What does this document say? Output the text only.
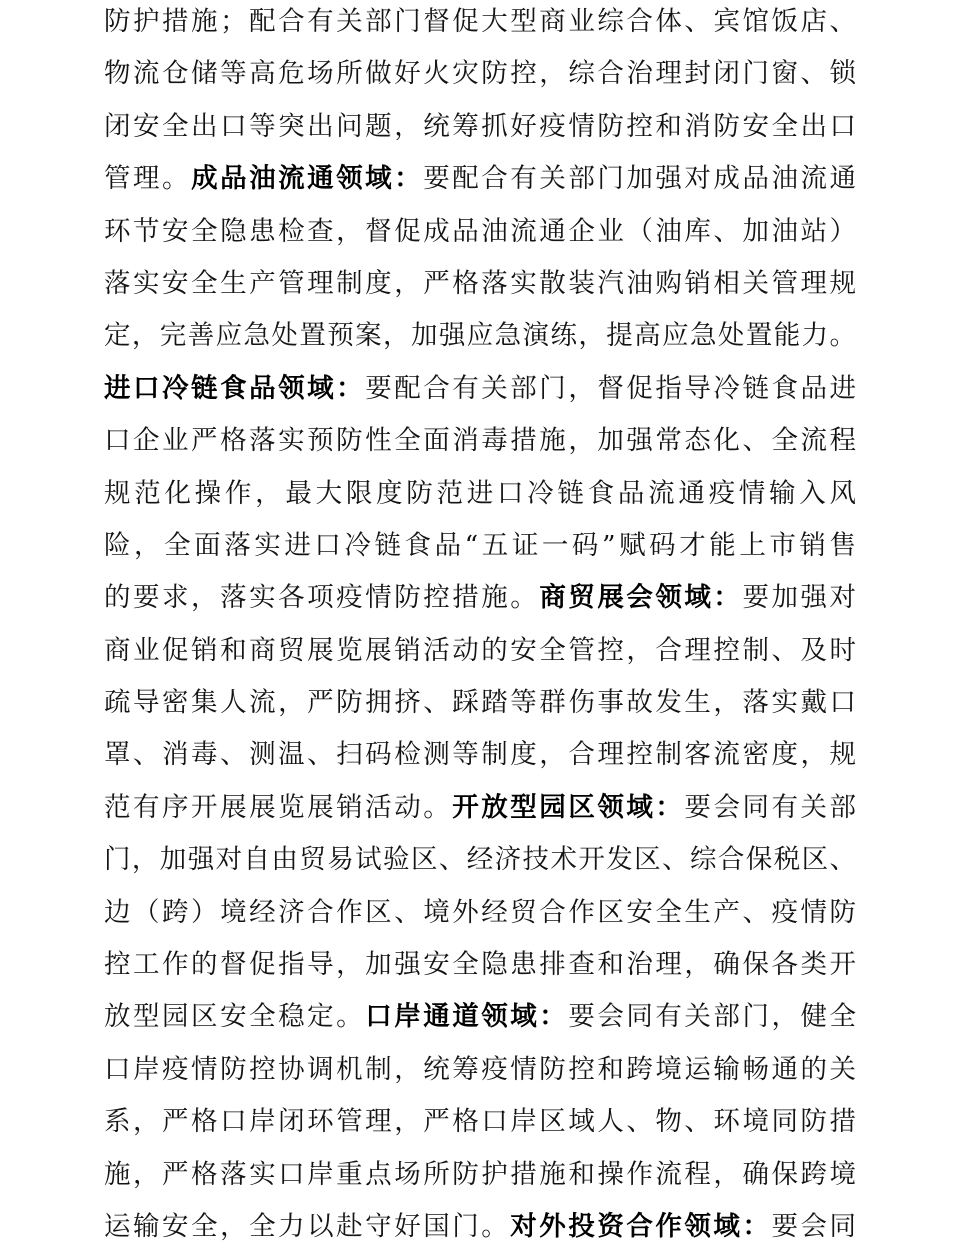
防护措施；配合有关部门督促大型商业综合体、宾馆饭店、
物流仓储等高危场所做好火灾防控，综合治理封闭门窗、锁
闭安全出口等突出问题，统筹抓好疫情防控和消防安全出口
管理。成品油流通领域：要配合有关部门加强对成品油流通
环节安全隐患检查，督促成品油流通企业（油库、加油站）
落实安全生产管理制度，严格落实散装汽油购销相关管理规
定，完善应急处置预案，加强应急演练，提高应急处置能力。
进口冷链食品领域：要配合有关部门，督促指导冷链食品进
口企业严格落实预防性全面消毒措施，加强常态化、全流程
规范化操作，最大限度防范进口冷链食品流通疫情输入风
险，全面落实进口冷链食品“五证一码”赋码才能上市销售
的要求，落实各项疫情防控措施。商贸展会领域：要加强对
商业促销和商贸展览展销活动的安全管控，合理控制、及时
疏导密集人流，严防拥挤、踩踏等群伤事故发生，落实戴口
罩、消毒、测温、扫码检测等制度，合理控制客流密度，规
范有序开展展览展销活动。开放型园区领域：要会同有关部
门，加强对自由贸易试验区、经济技术开发区、综合保税区、
边（跨）境经济合作区、境外经贸合作区安全生产、疫情防
控工作的督促指导，加强安全隐患排查和治理，确保各类开
放型园区安全稳定。口岸通道领域：要会同有关部门，健全
口岸疫情防控协调机制，统筹疫情防控和跨境运输畅通的关
系，严格口岸闭环管理，严格口岸区域人、物、环境同防措
施，严格落实口岸重点场所防护措施和操作流程，确保跨境
运输安全，全力以赴守好国门。对外投资合作领域：要会同
